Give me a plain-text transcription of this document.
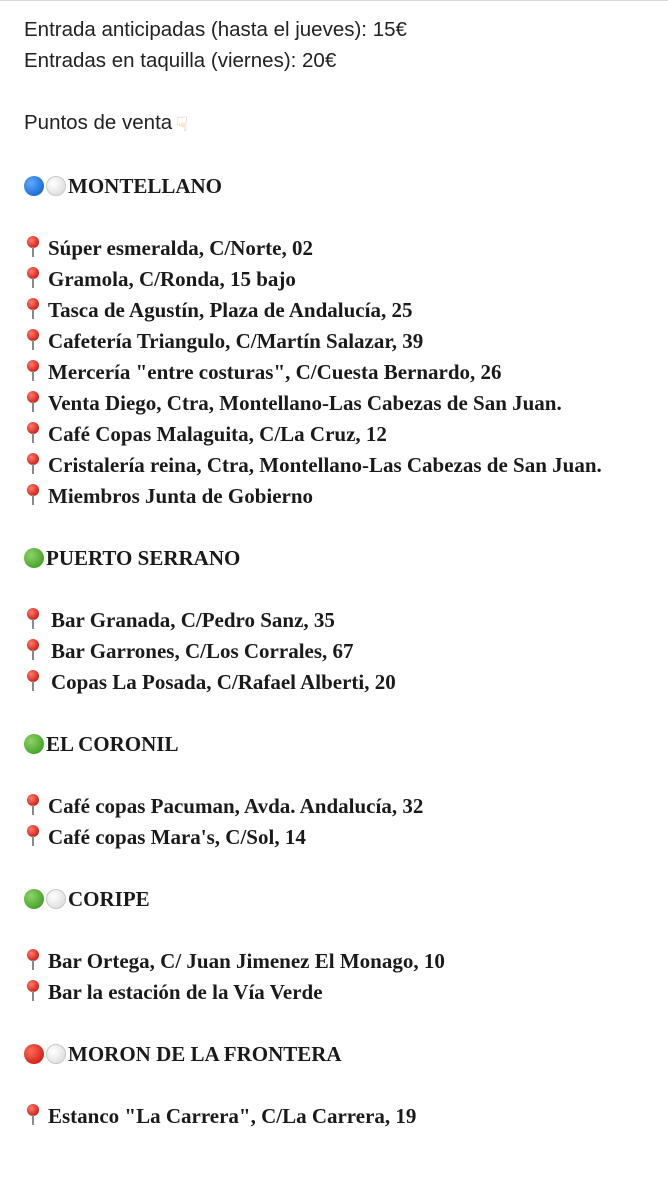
Entrada anticipadas (hasta el jueves): 15€
Entradas en taquilla (viernes): 20€
Puntos de venta ☟
MONTELLANO
Súper esmeralda, C/Norte, 02
Gramola, C/Ronda, 15 bajo
Tasca de Agustín, Plaza de Andalucía, 25
Cafetería Triangulo, C/Martín Salazar, 39
Mercería "entre costuras", C/Cuesta Bernardo, 26
Venta Diego, Ctra, Montellano-Las Cabezas de San Juan.
Café Copas Malaguita, C/La Cruz, 12
Cristalería reina, Ctra, Montellano-Las Cabezas de San Juan.
Miembros Junta de Gobierno
PUERTO SERRANO
Bar Granada, C/Pedro Sanz, 35
Bar Garrones, C/Los Corrales, 67
Copas La Posada, C/Rafael Alberti, 20
EL CORONIL
Café copas Pacuman, Avda. Andalucía, 32
Café copas Mara's, C/Sol, 14
CORIPE
Bar Ortega, C/ Juan Jimenez El Monago, 10
Bar la estación de la Vía Verde
MORON DE LA FRONTERA
Estanco "La Carrera", C/La Carrera, 19
